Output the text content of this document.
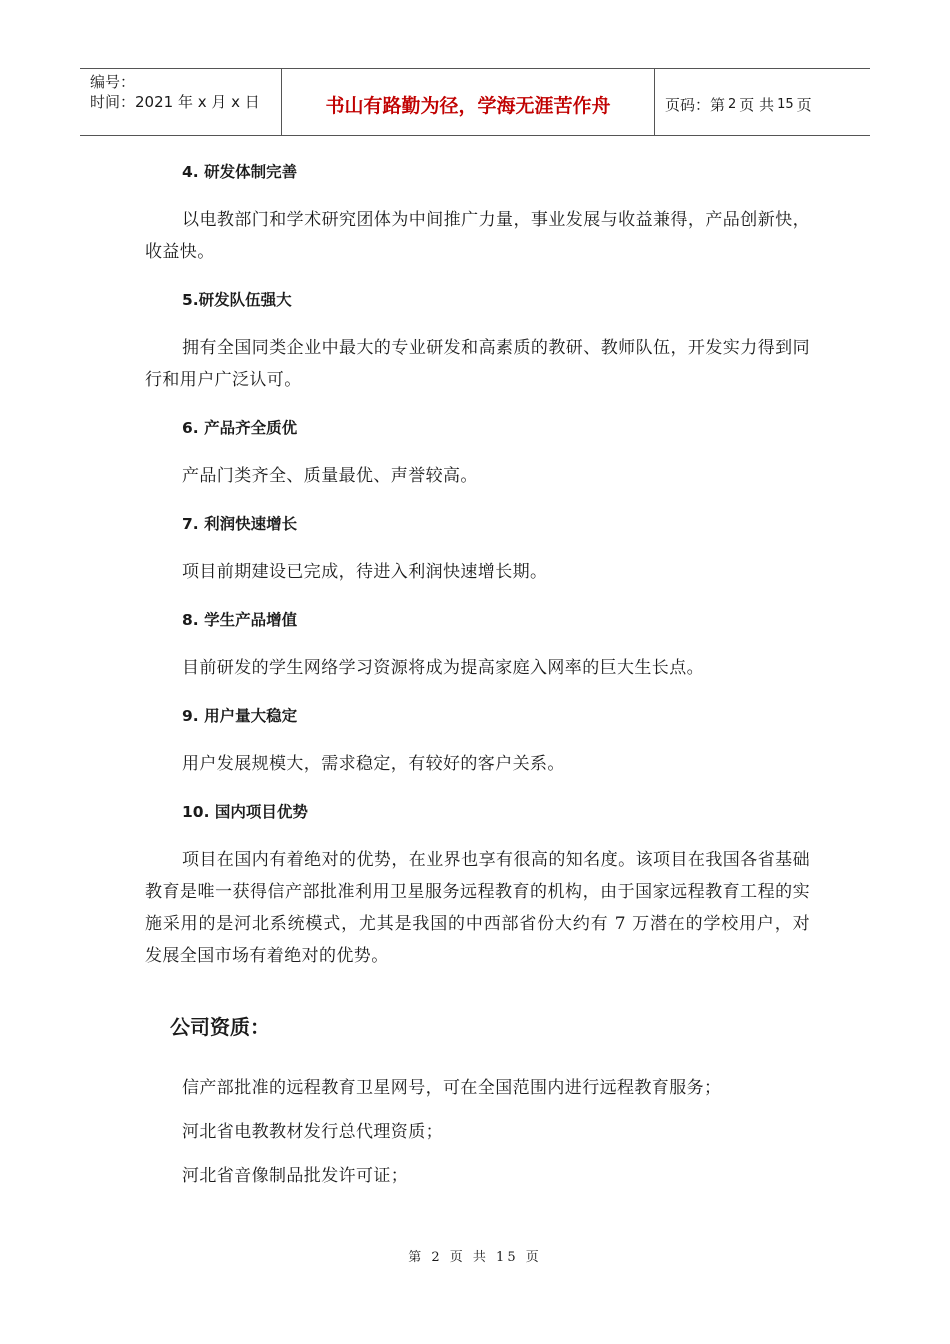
编号：
时间：2021 年 x 月 x 日	书山有路勤为径，学海无涯苦作舟	页码：第 2 页 共 15 页
4. 研发体制完善
以电教部门和学术研究团体为中间推广力量，事业发展与收益兼得，产品创新快，收益快。
5.研发队伍强大
拥有全国同类企业中最大的专业研发和高素质的教研、教师队伍，开发实力得到同行和用户广泛认可。
6. 产品齐全质优
产品门类齐全、质量最优、声誉较高。
7. 利润快速增长
项目前期建设已完成，待进入利润快速增长期。
8. 学生产品增值
目前研发的学生网络学习资源将成为提高家庭入网率的巨大生长点。
9. 用户量大稳定
用户发展规模大，需求稳定，有较好的客户关系。
10. 国内项目优势
项目在国内有着绝对的优势，在业界也享有很高的知名度。该项目在我国各省基础教育是唯一获得信产部批准利用卫星服务远程教育的机构，由于国家远程教育工程的实施采用的是河北系统模式，尤其是我国的中西部省份大约有 7 万潜在的学校用户，对发展全国市场有着绝对的优势。
公司资质：
信产部批准的远程教育卫星网号，可在全国范围内进行远程教育服务；
河北省电教教材发行总代理资质；
河北省音像制品批发许可证；
第 2 页 共 15 页
